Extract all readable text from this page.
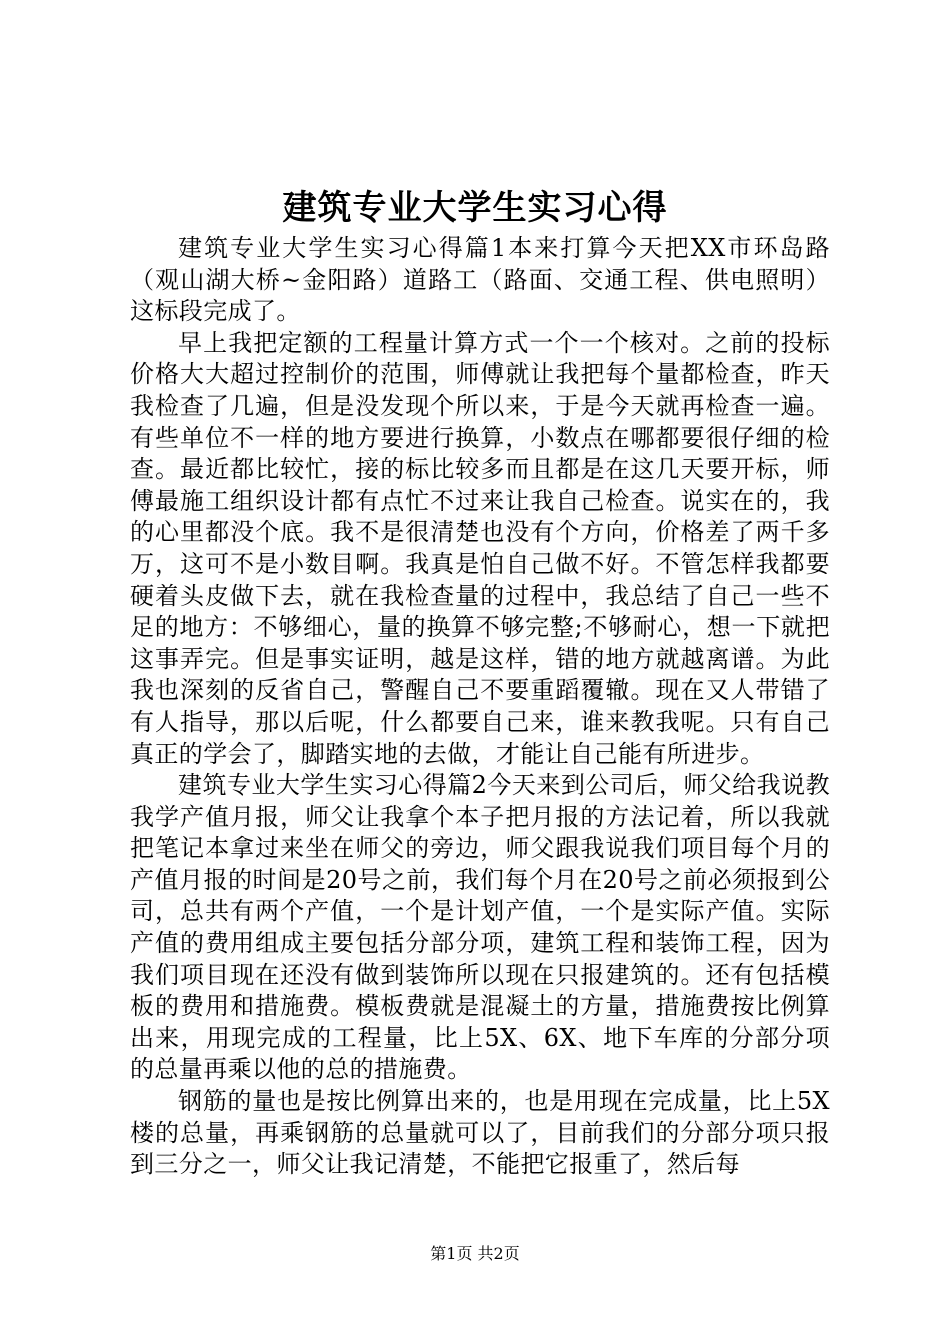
建筑专业大学生实习心得

建筑专业大学生实习心得篇1本来打算今天把XX市环岛路（观山湖大桥~金阳路）道路工（路面、交通工程、供电照明）这标段完成了。

早上我把定额的工程量计算方式一个一个核对。之前的投标价格大大超过控制价的范围，师傅就让我把每个量都检查，昨天我检查了几遍，但是没发现个所以来，于是今天就再检查一遍。有些单位不一样的地方要进行换算，小数点在哪都要很仔细的检查。最近都比较忙，接的标比较多而且都是在这几天要开标，师傅最施工组织设计都有点忙不过来让我自己检查。说实在的，我的心里都没个底。我不是很清楚也没有个方向，价格差了两千多万，这可不是小数目啊。我真是怕自己做不好。不管怎样我都要硬着头皮做下去，就在我检查量的过程中，我总结了自己一些不足的地方：不够细心，量的换算不够完整;不够耐心，想一下就把这事弄完。但是事实证明，越是这样，错的地方就越离谱。为此我也深刻的反省自己，警醒自己不要重蹈覆辙。现在又人带错了有人指导，那以后呢，什么都要自己来，谁来教我呢。只有自己真正的学会了，脚踏实地的去做，才能让自己能有所进步。

建筑专业大学生实习心得篇2今天来到公司后，师父给我说教我学产值月报，师父让我拿个本子把月报的方法记着，所以我就把笔记本拿过来坐在师父的旁边，师父跟我说我们项目每个月的产值月报的时间是20号之前，我们每个月在20号之前必须报到公司，总共有两个产值，一个是计划产值，一个是实际产值。实际产值的费用组成主要包括分部分项，建筑工程和装饰工程，因为我们项目现在还没有做到装饰所以现在只报建筑的。还有包括模板的费用和措施费。模板费就是混凝土的方量，措施费按比例算出来，用现完成的工程量，比上5X、6X、地下车库的分部分项的总量再乘以他的总的措施费。

钢筋的量也是按比例算出来的，也是用现在完成量，比上5X楼的总量，再乘钢筋的总量就可以了，目前我们的分部分项只报到三分之一，师父让我记清楚，不能把它报重了，然后每

第1页 共2页
